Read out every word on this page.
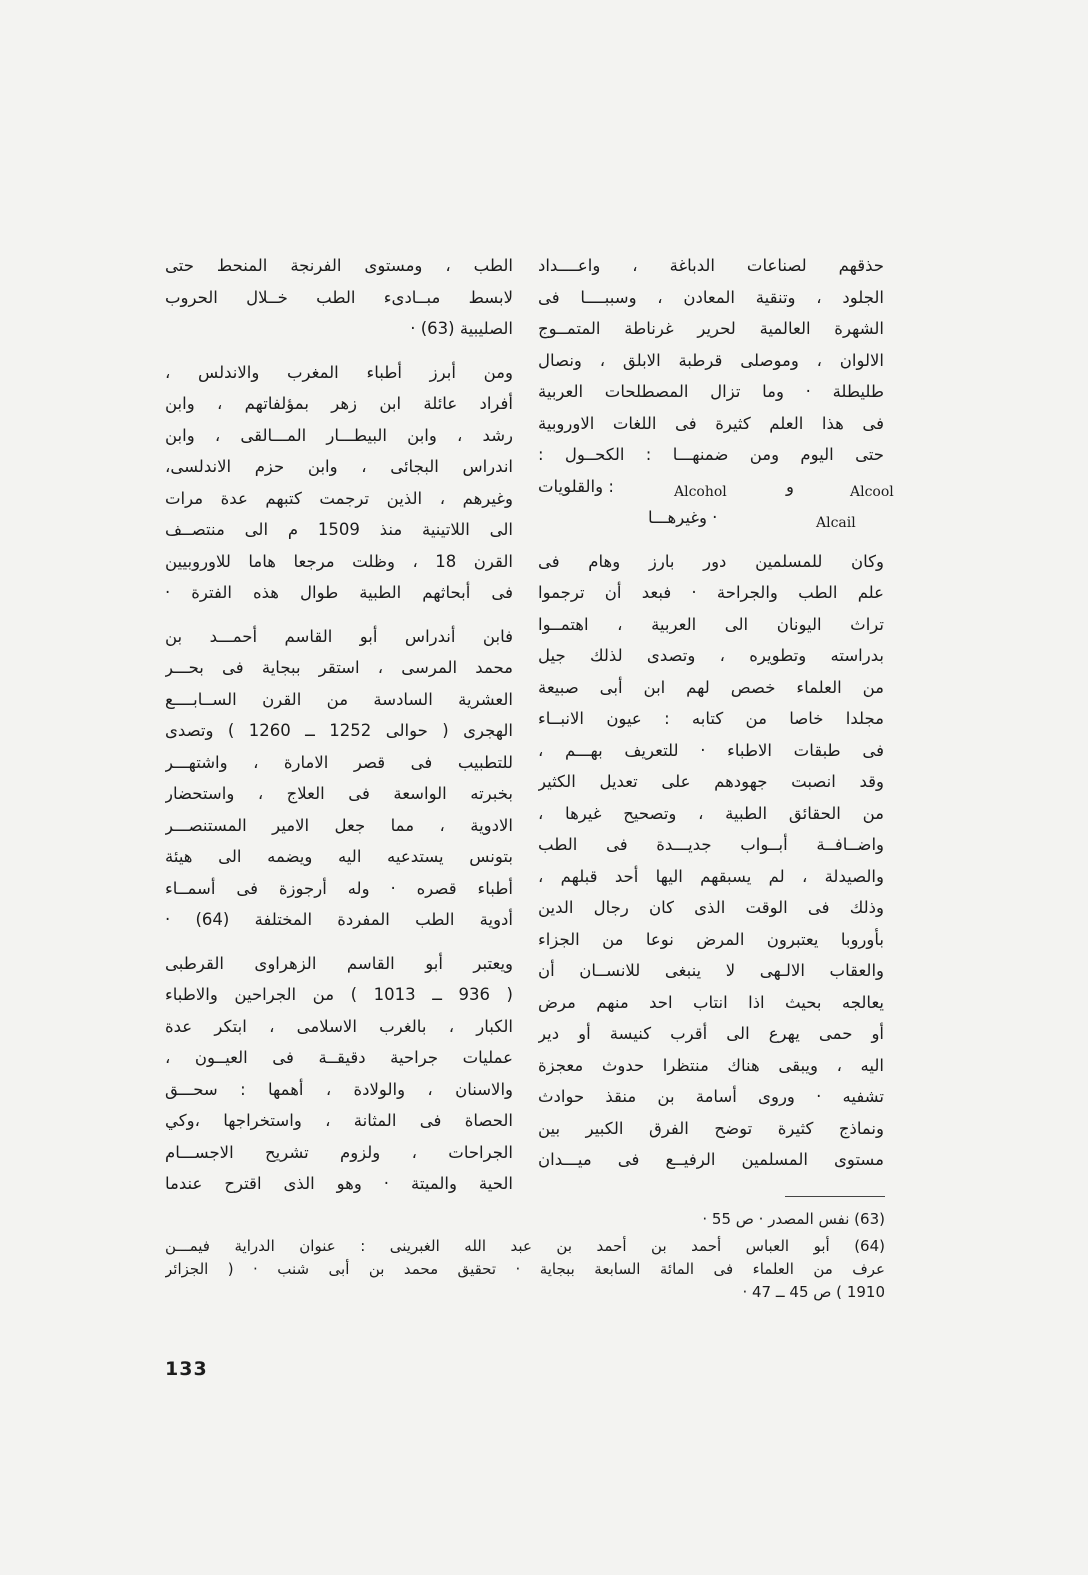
حذقهم لصناعات الدباغة ، واعــــداد
الجلود ، وتنقية المعادن ، وسببــــا فى
الشهرة العالمية لحرير غرناطة المتمــوج
الالوان ، وموصلى قرطبة الابلق ، ونصال
طليطلة · وما تزال المصطلحات العربية
فى هذا العلم كثيرة فى اللغات الاوروبية
حتى اليوم ومن ضمنهـــا : الكحــول :
Alcool
و
Alcohol
والقلويات :
Alcail
وغيرهـــا ·
وكان للمسلمين دور بارز وهام فى
علم الطب والجراحة · فبعد أن ترجموا
تراث اليونان الى العربية ، اهتمــوا
بدراسته وتطويره ، وتصدى لذلك جيل
من العلماء خصص لهم ابن أبى صبيعة
مجلدا خاصا من كتابه : عيون الانبــاء
فى طبقات الاطباء · للتعريف بهـــم ،
وقد انصبت جهودهم على تعديل الكثير
من الحقائق الطبية ، وتصحيح غيرها ،
واضــافــة أبــواب جديـــدة فى الطب
والصيدلة ، لم يسبقهم اليها أحد قبلهم ،
وذلك فى الوقت الذى كان رجال الدين
بأوروبا يعتبرون المرض نوعا من الجزاء
والعقاب الالـهى لا ينبغى للانســان أن
يعالجه بحيث اذا انتاب احد منهم مرض
أو حمى يهرع الى أقرب كنيسة أو دير
اليه ، ويبقى هناك منتظرا حدوث معجزة
تشفيه · وروى أسامة بن منقذ حوادث
ونماذج كثيرة توضح الفرق الكبير بين
مستوى المسلمين الرفيــع فى ميـــدان
الطب ، ومستوى الفرنجة المنحط حتى
لابسط مبــادىء الطب خــلال الحروب
الصليبية (63) ·
ومن أبرز أطباء المغرب والاندلس ،
أفراد عائلة ابن زهر بمؤلفاتهم ، وابن
رشد ، وابن البيطـــار المـــالقى ، وابن
اندراس البجائى ، وابن حزم الاندلسى،
وغيرهم ، الذين ترجمت كتبهم عدة مرات
الى اللاتينية منذ 1509 م الى منتصــف
القرن 18 ، وظلت مرجعا هاما للاوروبيين
فى أبحاثهم الطبية طوال هذه الفترة ·
فابن أندراس أبو القاسم أحمـــد بن
محمد المرسى ، استقر ببجاية فى بحـــر
العشرية السادسة من القرن الســابــــع
الهجرى ( حوالى 1252 ــ 1260 ) وتصدى
للتطبيب فى قصر الامارة ، واشتهـــر
بخبرته الواسعة فى العلاج ، واستحضار
الادوية ، مما جعل الامير المستنصـــر
بتونس يستدعيه اليه ويضمه الى هيئة
أطباء قصره · وله أرجوزة فى أسمــاء
أدوية الطب المفردة المختلفة (64) ·
ويعتبر أبو القاسم الزهراوى القرطبى
( 936 ــ 1013 ) من الجراحين والاطباء
الكبار ، بالغرب الاسلامى ، ابتكر عدة
عمليات جراحية دقيقــة فى العيــون ،
والاسنان ، والولادة ، أهمها : سحـــق
الحصاة فى المثانة ، واستخراجها ،وكي
الجراحات ، ولزوم تشريح الاجســـام
الحية والميتة · وهو الذى اقترح عندما
(63) نفس المصدر · ص 55 ·
(64) أبو العباس أحمد بن أحمد بن عبد الله الغبرينى : عنوان الدراية فيمـــن
عرف من العلماء فى المائة السابعة ببجاية · تحقيق محمد بن أبى شنب · ( الجزائر
1910 ) ص 45 ــ 47 ·
133
